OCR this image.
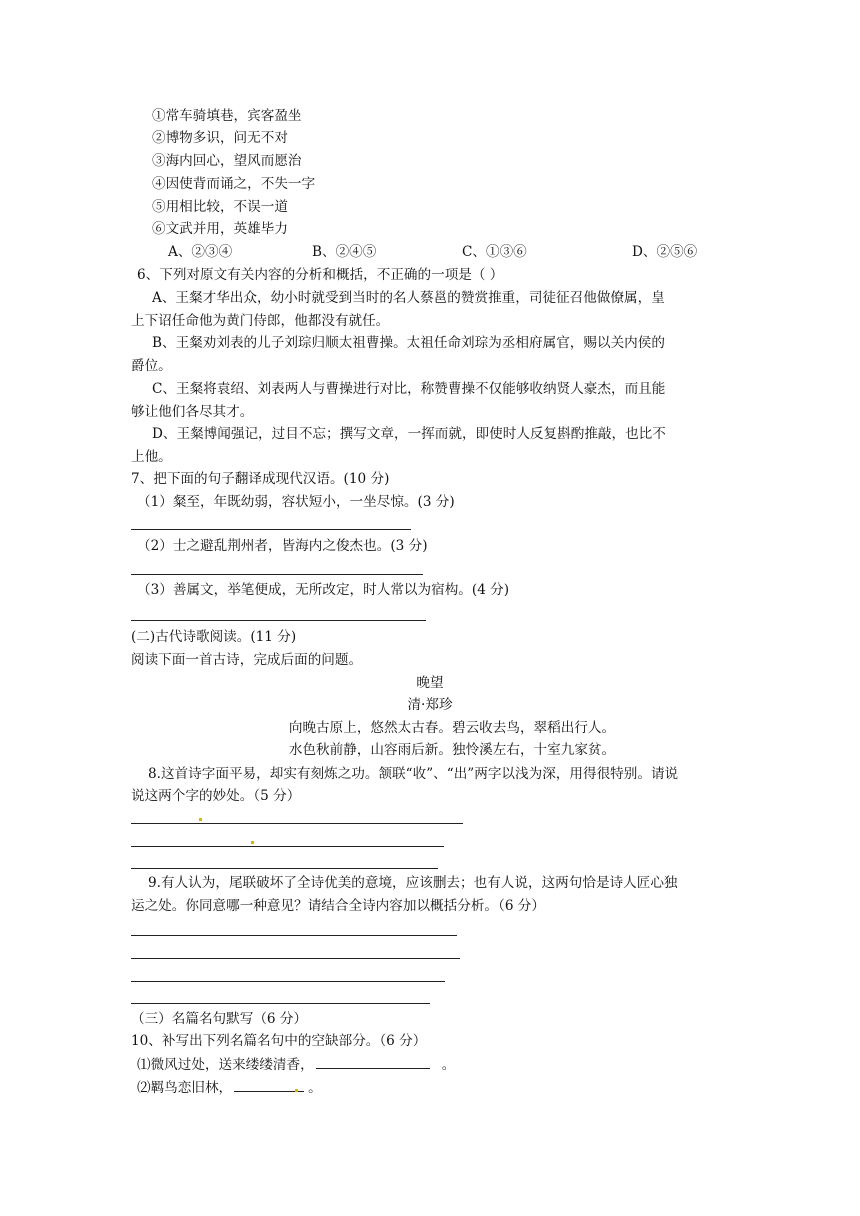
①常车骑填巷，宾客盈坐
②博物多识，问无不对
③海内回心，望风而愿治
④因使背而诵之，不失一字
⑤用相比较，不误一道
⑥文武并用，英雄毕力
A、②③④	B、②④⑤	C、①③⑥	D、②⑤⑥
6、下列对原文有关内容的分析和概括，不正确的一项是（ ）
A、王粲才华出众，幼小时就受到当时的名人蔡邕的赞赏推重，司徒征召他做僚属，皇
上下诏任命他为黄门侍郎，他都没有就任。
B、王粲劝刘表的儿子刘琮归顺太祖曹操。太祖任命刘琮为丞相府属官，赐以关内侯的
爵位。
C、王粲将袁绍、刘表两人与曹操进行对比，称赞曹操不仅能够收纳贤人豪杰，而且能
够让他们各尽其才。
D、王粲博闻强记，过目不忘；撰写文章，一挥而就，即使时人反复斟酌推敲，也比不
上他。
7、把下面的句子翻译成现代汉语。(10 分)
（1）粲至，年既幼弱，容状短小，一坐尽惊。(3 分)
（2）士之避乱荆州者，皆海内之俊杰也。(3 分)
（3）善属文，举笔便成，无所改定，时人常以为宿构。(4 分)
(二)古代诗歌阅读。(11 分)
阅读下面一首古诗，完成后面的问题。
晚望
清·郑珍
向晚古原上，悠然太古春。碧云收去鸟，翠稻出行人。
水色秋前静，山容雨后新。独怜溪左右，十室九家贫。
8.这首诗字面平易，却实有刻炼之功。颔联“收”、“出”两字以浅为深，用得很特别。请说
说这两个字的妙处。（5 分）
9.有人认为，尾联破坏了全诗优美的意境，应该删去；也有人说，这两句恰是诗人匠心独
运之处。你同意哪一种意见？请结合全诗内容加以概括分析。（6 分）
（三）名篇名句默写（6 分）
10、补写出下列名篇名句中的空缺部分。（6 分）
⑴微风过处，送来缕缕清香，	。
⑵羁鸟恋旧林，	。
